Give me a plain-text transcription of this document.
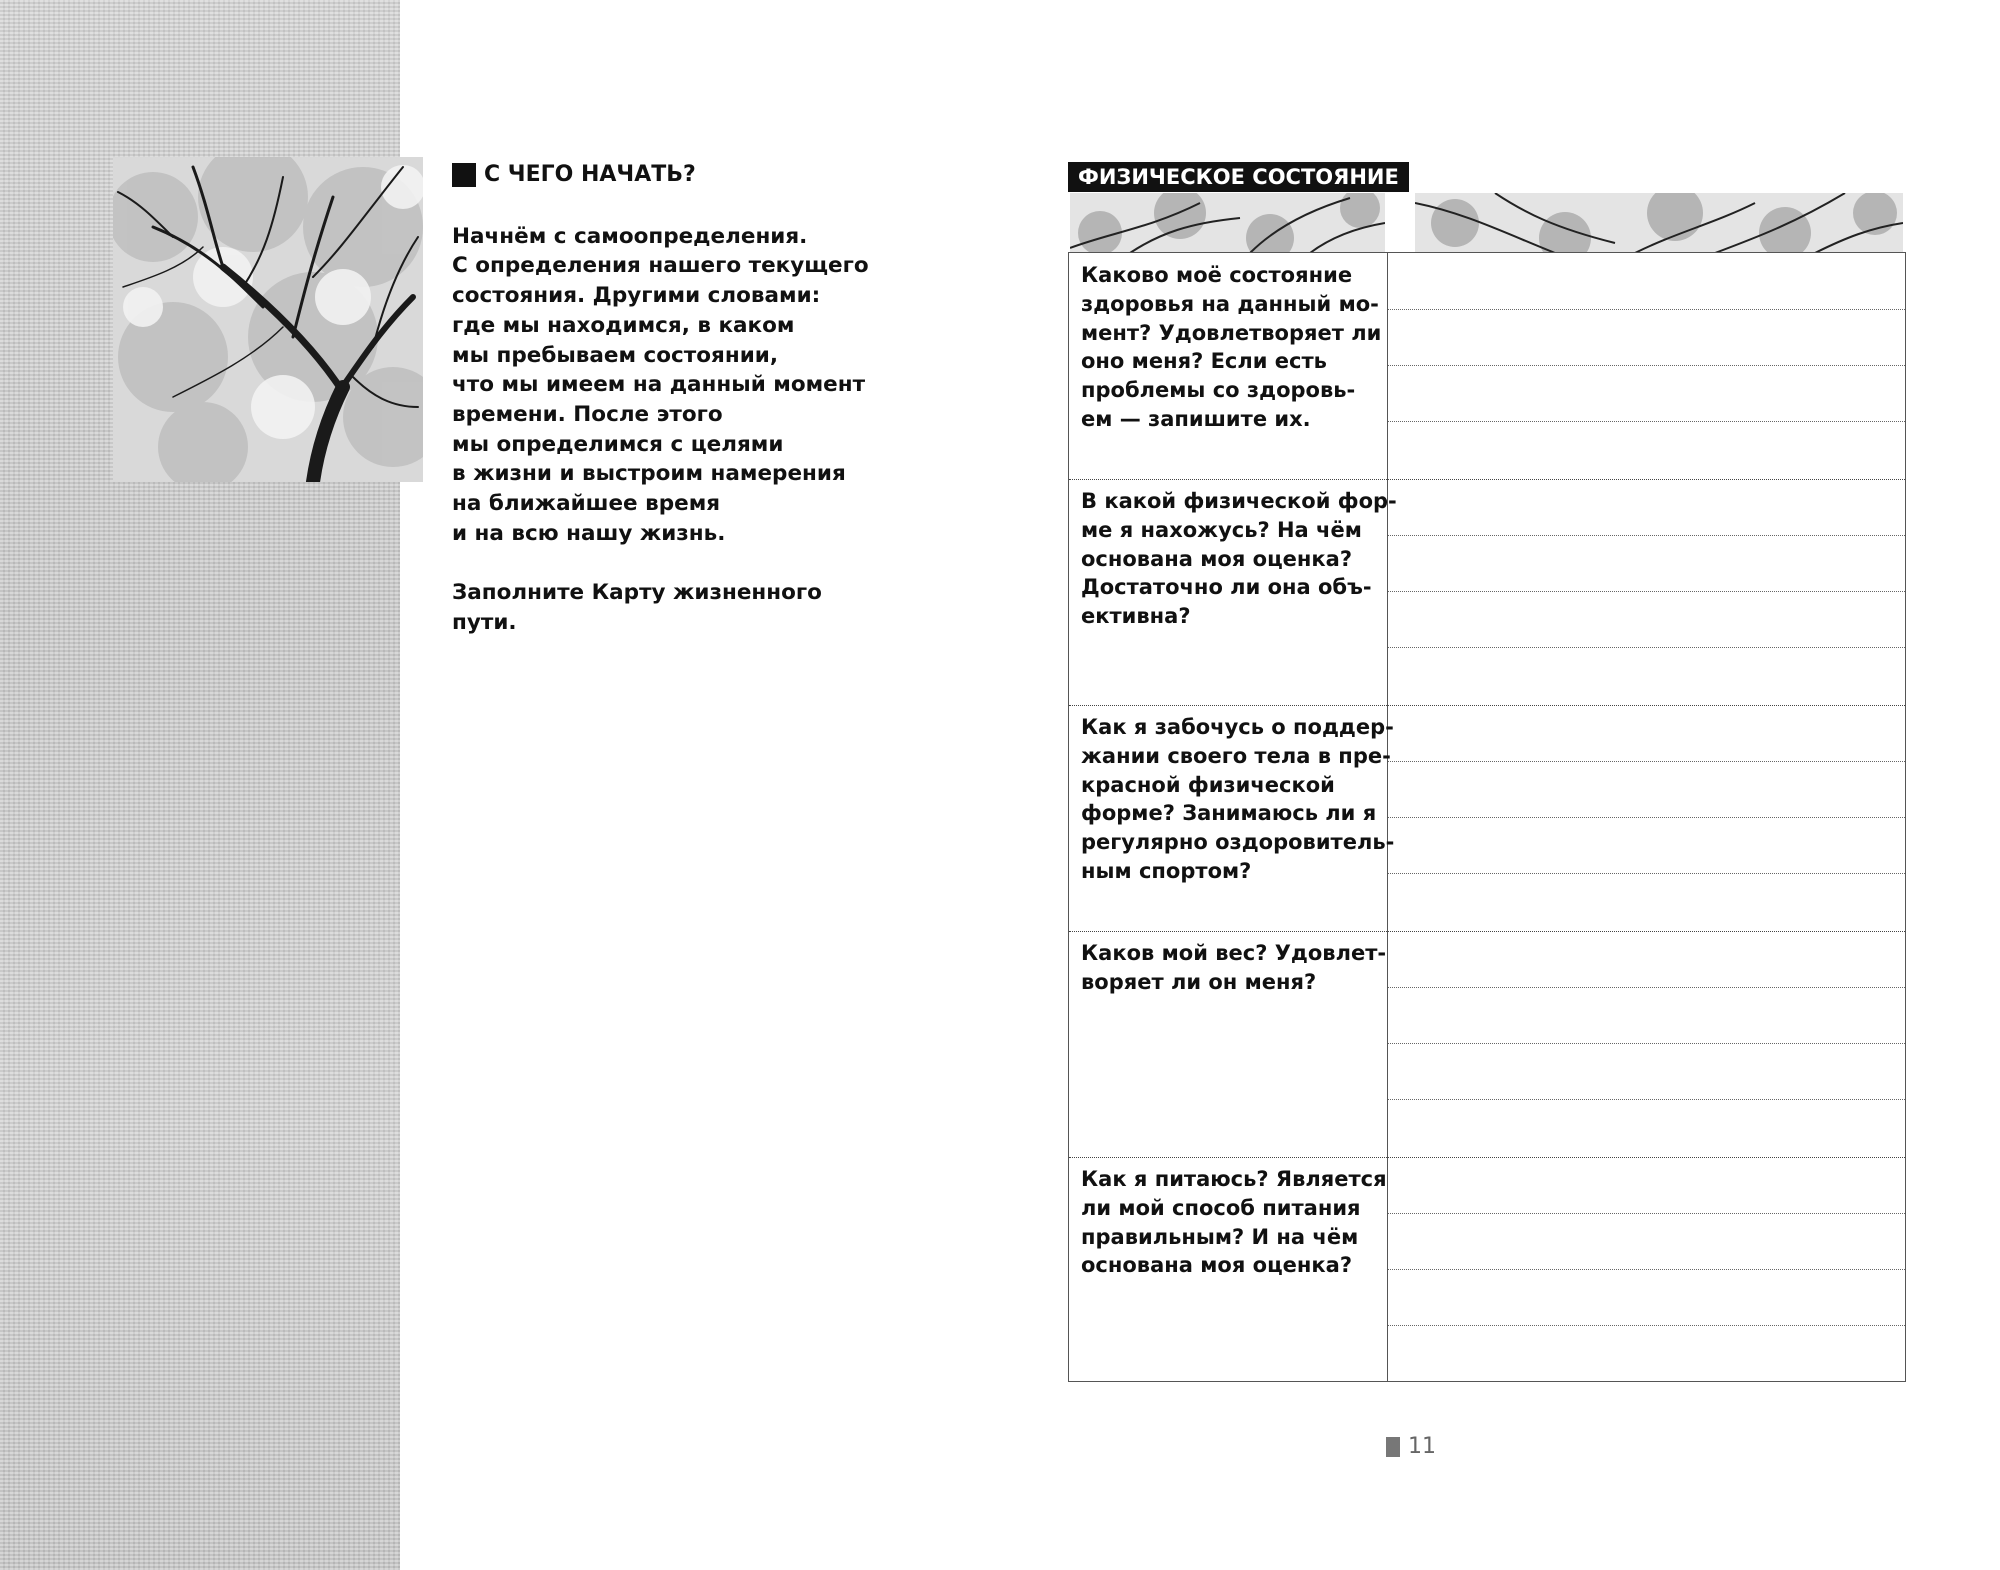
С ЧЕГО НАЧАТЬ?
Начнём с самоопределения.
С определения нашего текущего
состояния. Другими словами:
где мы находимся, в каком
мы пребываем состоянии,
что мы имеем на данный момент
времени. После этого
мы определимся с целями
в жизни и выстроим намерения
на ближайшее время
и на всю нашу жизнь.
Заполните Карту жизненного
пути.
ФИЗИЧЕСКОЕ СОСТОЯНИЕ
Каково моё состояние
здоровья на данный мо-
мент? Удовлетворяет ли
оно меня? Если есть
проблемы со здоровь-
ем — запишите их.
В какой физической фор-
ме я нахожусь? На чём
основана моя оценка?
Достаточно ли она объ-
ективна?
Как я забочусь о поддер-
жании своего тела в пре-
красной физической
форме? Занимаюсь ли я
регулярно оздоровитель-
ным спортом?
Каков мой вес? Удовлет-
воряет ли он меня?
Как я питаюсь? Является
ли мой способ питания
правильным? И на чём
основана моя оценка?
11
